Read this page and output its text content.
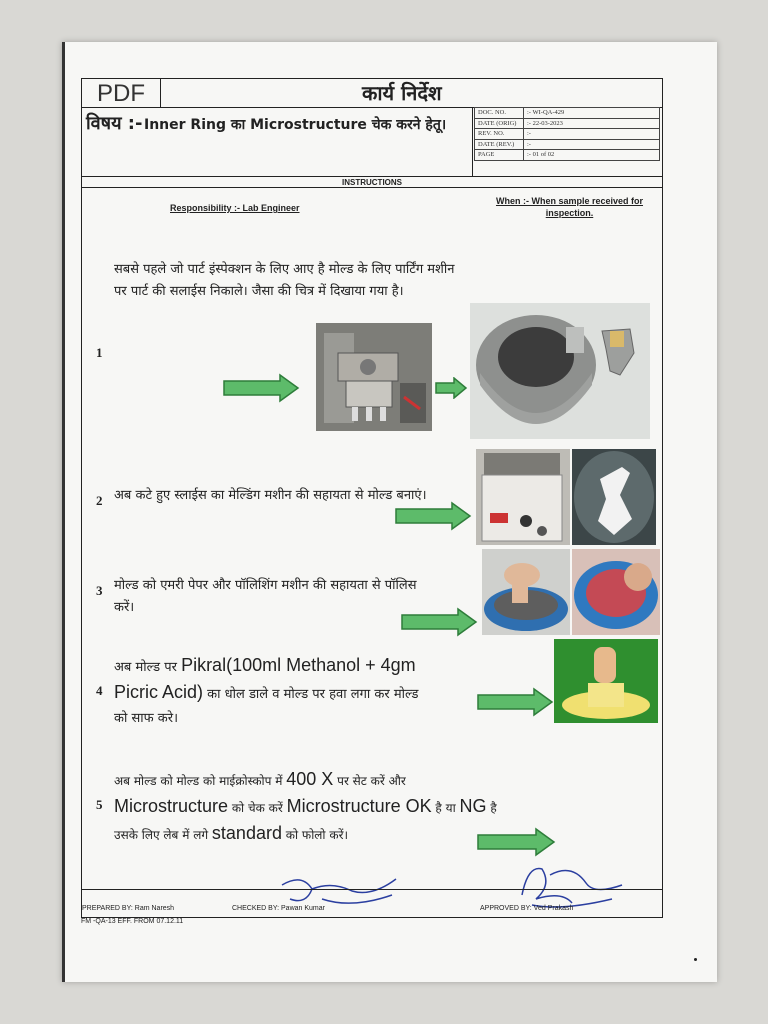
PDF	कार्य निर्देश
विषय :- Inner Ring का Microstructure चेक करने हेतू।
DOC. NO.	:- WI-QA-429
DATE (ORIG)	:- 22-03-2023
REV. NO.	:-
DATE (REV.)	:-
PAGE	:- 01 of 02
INSTRUCTIONS
Responsibility :- Lab Engineer
When :- When sample received for
inspection.
सबसे पहले जो पार्ट इंस्पेक्शन के लिए आए है मोल्ड के लिए पार्टिंग मशीन
पर पार्ट की सलाईस निकाले। जैसा की चित्र में दिखाया गया है।
1
2 अब कटे हुए स्लाईस का मेल्डिंग मशीन की सहायता से मोल्ड बनाएं।
3 मोल्ड को एमरी पेपर और पॉलिशिंग मशीन की सहायता से पॉलिस
करें।
अब मोल्ड पर Pikral(100ml Methanol + 4gm
Picric Acid) का धोल डाले व मोल्ड पर हवा लगा कर मोल्ड
को साफ करे।
4
अब मोल्ड को मोल्ड को माईक्रोस्कोप में 400 X पर सेट करें और
Microstructure को चेक करें Microstructure OK है या NG है
उसके लिए लेब में लगे standard को फोलो करें।
5
PREPARED BY: Ram Naresh	CHECKED BY: Pawan Kumar	APPROVED BY: Ved Prakash
FM -QA-13 EFF. FROM 07.12.11
